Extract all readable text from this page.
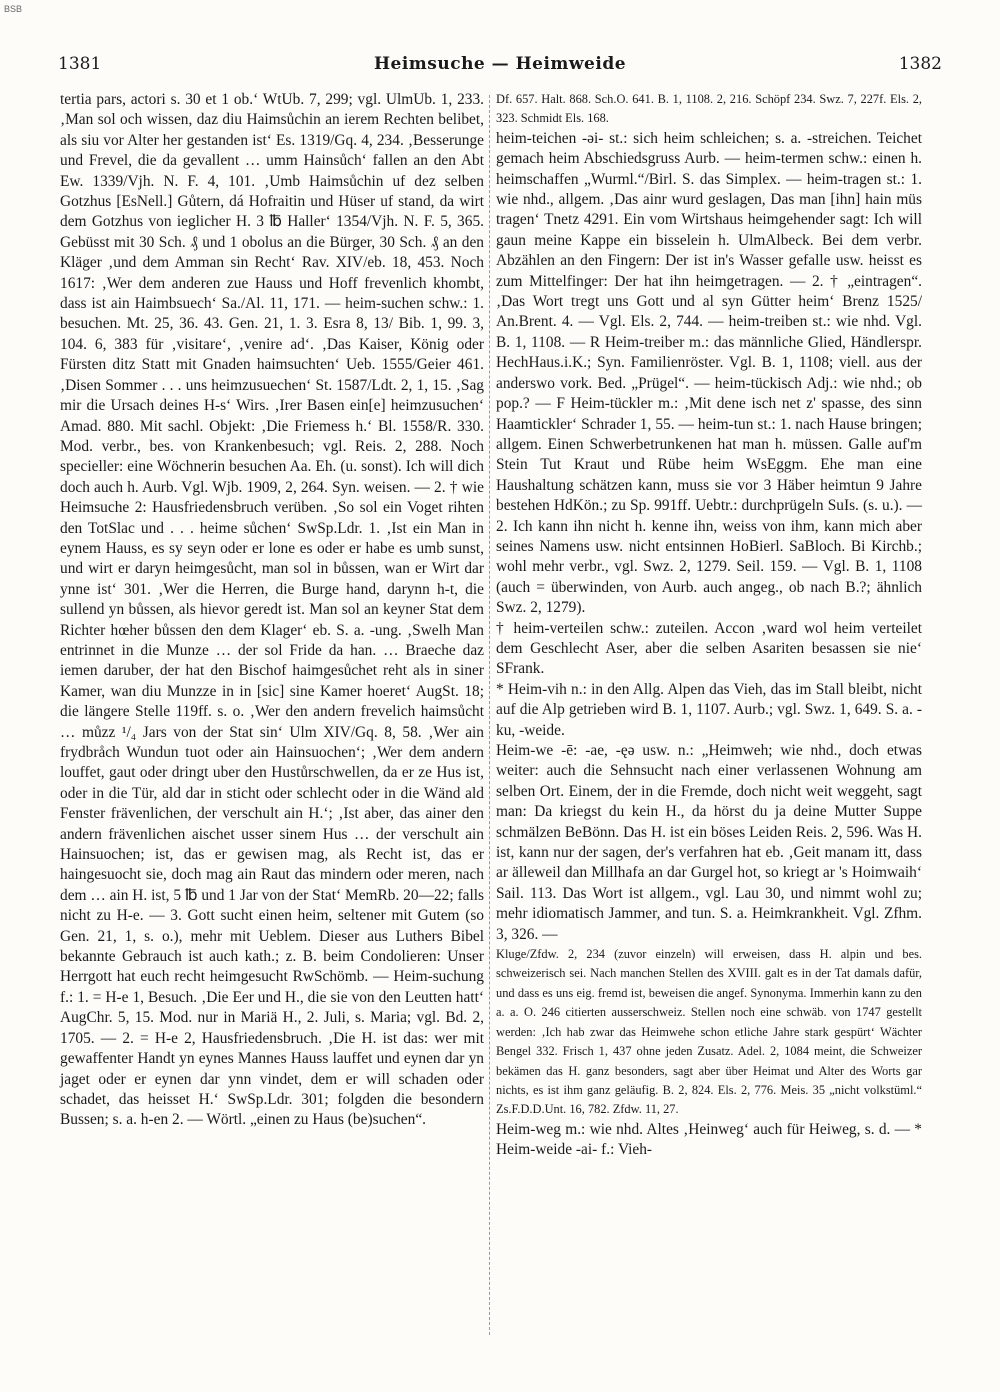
BSB
1381	Heimsuche — Heimweide	1382

tertia pars, actori s. 30 et 1 ob.‘ WtUb. 7, 299; vgl. UlmUb. 1, 233. ‚Man sol och wissen, daz diu Haimsůchin an ierem Rechten belibet, als siu vor Alter her gestanden ist‘ Es. 1319/Gq. 4, 234. ‚Besserunge und Frevel, die da gevallent … umm Hainsůch‘ fallen an den Abt Ew. 1339/Vjh. N. F. 4, 101. ‚Umb Haimsůchin uf dez selben Gotzhus [EsNell.] Gůtern, dá Hofraitin und Hüser uf stand, da wirt dem Gotzhus von ieglicher H. 3 ℔ Haller‘ 1354/Vjh. N. F. 5, 365. Gebüsst mit 30 Sch. ₰ und 1 obolus an die Bürger, 30 Sch. ₰ an den Kläger ‚und dem Amman sin Recht‘ Rav. XIV/eb. 18, 453. Noch 1617: ‚Wer dem anderen zue Hauss und Hoff frevenlich khombt, dass ist ain Haimbsuech‘ Sa./Al. 11, 171. — heim-suchen schw.: 1. besuchen. Mt. 25, 36. 43. Gen. 21, 1. 3. Esra 8, 13/ Bib. 1, 99. 3, 104. 6, 383 für ‚visitare‘, ‚venire ad‘. ‚Das Kaiser, König oder Fürsten ditz Statt mit Gnaden haimsuchten‘ Ueb. 1555/Geier 461. ‚Disen Sommer . . . uns heimzusuechen‘ St. 1587/Ldt. 2, 1, 15. ‚Sag mir die Ursach deines H-s‘ Wirs. ‚Irer Basen ein[e] heimzusuchen‘ Amad. 880. Mit sachl. Objekt: ‚Die Friemess h.‘ Bl. 1558/R. 330. Mod. verbr., bes. von Krankenbesuch; vgl. Reis. 2, 288. Noch specieller: eine Wöchnerin besuchen Aa. Eh. (u. sonst). Ich will dich doch auch h. Aurb. Vgl. Wjb. 1909, 2, 264. Syn. weisen. — 2. † wie Heimsuche 2: Hausfriedensbruch verüben. ‚So sol ein Voget rihten den TotSlac und . . . heime sůchen‘ SwSp.Ldr. 1. ‚Ist ein Man in eynem Hauss, es sy seyn oder er lone es oder er habe es umb sunst, und wirt er daryn heimgesůcht, man sol in bůssen, wan er Wirt dar ynne ist‘ 301. ‚Wer die Herren, die Burge hand, darynn h-t, die sullend yn bůssen, als hievor geredt ist. Man sol an keyner Stat dem Richter hœher bůssen den dem Klager‘ eb. S. a. -ung. ‚Swelh Man entrinnet in die Munze … der sol Fride da han. … Braeche daz iemen daruber, der hat den Bischof haimgesůchet reht als in siner Kamer, wan diu Munzze in in [sic] sine Kamer hoeret‘ AugSt. 18; die längere Stelle 119ff. s. o. ‚Wer den andern frevelich haimsůcht … můzz ¹/₄ Jars von der Stat sin‘ Ulm XIV/Gq. 8, 58. ‚Wer ain frydbråch Wundun tuot oder ain Hainsuochen‘; ‚Wer dem andern louffet, gaut oder dringt uber den Hustůrschwellen, da er ze Hus ist, oder in die Tür, ald dar in sticht oder schlecht oder in die Wänd ald Fenster frävenlichen, der verschult ain H.‘; ‚Ist aber, das ainer den andern frävenlichen aischet usser sinem Hus … der verschult ain Hainsuochen; ist, das er gewisen mag, als Recht ist, das er haingesuocht sie, doch mag ain Raut das mindern oder meren, nach dem … ain H. ist, 5 ℔ und 1 Jar von der Stat‘ MemRb. 20—22; falls nicht zu H-e. — 3. Gott sucht einen heim, seltener mit Gutem (so Gen. 21, 1, s. o.), mehr mit Ueblem. Dieser aus Luthers Bibel bekannte Gebrauch ist auch kath.; z. B. beim Condolieren: Unser Herrgott hat euch recht heimgesucht RwSchömb. — Heim-suchung f.: 1. = H-e 1, Besuch. ‚Die Eer und H., die sie von den Leutten hatt‘ AugChr. 5, 15. Mod. nur in Mariä H., 2. Juli, s. Maria; vgl. Bd. 2, 1705. — 2. = H-e 2, Hausfriedensbruch. ‚Die H. ist das: wer mit gewaffenter Handt yn eynes Mannes Hauss lauffet und eynen dar yn jaget oder er eynen dar ynn vindet, dem er will schaden oder schadet, das heisset H.‘ SwSp.Ldr. 301; folgden die besondern Bussen; s. a. h-en 2. — Wörtl. „einen zu Haus (be)suchen“.

Df. 657. Halt. 868. Sch.O. 641. B. 1, 1108. 2, 216. Schöpf 234. Swz. 7, 227f. Els. 2, 323. Schmidt Els. 168.

heim-teichen -ǝi- st.: sich heim schleichen; s. a. -streichen. Teichet gemach heim Abschiedsgruss Aurb. — heim-termen schw.: einen h. heimschaffen „Wurml.“/Birl. S. das Simplex. — heim-tragen st.: 1. wie nhd., allgem. ‚Das ainr wurd geslagen, Das man [ihn] hain müs tragen‘ Tnetz 4291. Ein vom Wirtshaus heimgehender sagt: Ich will gaun meine Kappe ein bisselein h. UlmAlbeck. Bei dem verbr. Abzählen an den Fingern: Der ist in's Wasser gefalle usw. heisst es zum Mittelfinger: Der hat ihn heimgetragen. — 2. † „eintragen“. ‚Das Wort tregt uns Gott und al syn Gütter heim‘ Brenz 1525/ An.Brent. 4. — Vgl. Els. 2, 744. — heim-treiben st.: wie nhd. Vgl. B. 1, 1108. — R Heim-treiber m.: das männliche Glied, Händlerspr. HechHaus.i.K.; Syn. Familienröster. Vgl. B. 1, 1108; viell. aus der anderswo vork. Bed. „Prügel“. — heim-tückisch Adj.: wie nhd.; ob pop.? — F Heim-tückler m.: ‚Mit dene isch net z' spasse, des sinn Haamticklerʻ Schrader 1, 55. — heim-tun st.: 1. nach Hause bringen; allgem. Einen Schwerbetrunkenen hat man h. müssen. Galle auf'm Stein Tut Kraut und Rübe heim WsEggm. Ehe man eine Haushaltung schätzen kann, muss sie vor 3 Häber heimtun 9 Jahre bestehen HdKön.; zu Sp. 991ff. Uebtr.: durchprügeln SuIs. (s. u.). — 2. Ich kann ihn nicht h. kenne ihn, weiss von ihm, kann mich aber seines Namens usw. nicht entsinnen HoBierl. SaBloch. Bi Kirchb.; wohl mehr verbr., vgl. Swz. 2, 1279. Seil. 159. — Vgl. B. 1, 1108 (auch = überwinden, von Aurb. auch angeg., ob nach B.?; ähnlich Swz. 2, 1279).

† heim-verteilen schw.: zuteilen. Accon ‚ward wol heim verteilet dem Geschlecht Aser, aber die selben Asariten besassen sie nie‘ SFrank.

* Heim-vih n.: in den Allg. Alpen das Vieh, das im Stall bleibt, nicht auf die Alp getrieben wird B. 1, 1107. Aurb.; vgl. Swz. 1, 649. S. a. -ku, -weide.

Heim-we -ē: -ae, -ęǝ usw. n.: „Heimweh; wie nhd., doch etwas weiter: auch die Sehnsucht nach einer verlassenen Wohnung am selben Ort. Einem, der in die Fremde, doch nicht weit weggeht, sagt man: Da kriegst du kein H., da hörst du ja deine Mutter Suppe schmälzen BeBönn. Das H. ist ein böses Leiden Reis. 2, 596. Was H. ist, kann nur der sagen, der's verfahren hat eb. ‚Geit manam itt, dass ar älleweil dan Millhafa an dar Gurgel hot, so kriegt ar 's Hoimwaih‘ Sail. 113. Das Wort ist allgem., vgl. Lau 30, und nimmt wohl zu; mehr idiomatisch Jammer, and tun. S. a. Heimkrankheit. Vgl. Zfhm. 3, 326. —

Kluge/Zfdw. 2, 234 (zuvor einzeln) will erweisen, dass H. alpin und bes. schweizerisch sei. Nach manchen Stellen des XVIII. galt es in der Tat damals dafür, und dass es uns eig. fremd ist, beweisen die angef. Synonyma. Immerhin kann zu den a. a. O. 246 citierten ausserschweiz. Stellen noch eine schwäb. von 1747 gestellt werden: ‚Ich hab zwar das Heimwehe schon etliche Jahre stark gespürt‘ Wächter Bengel 332. Frisch 1, 437 ohne jeden Zusatz. Adel. 2, 1084 meint, die Schweizer bekämen das H. ganz besonders, sagt aber über Heimat und Alter des Worts gar nichts, es ist ihm ganz geläufig. B. 2, 824. Els. 2, 776. Meis. 35 „nicht volkstüml.“ Zs.F.D.D.Unt. 16, 782. Zfdw. 11, 27.

Heim-weg m.: wie nhd. Altes ‚Heinweg‘ auch für Heiweg, s. d. — * Heim-weide -ai- f.: Vieh-
